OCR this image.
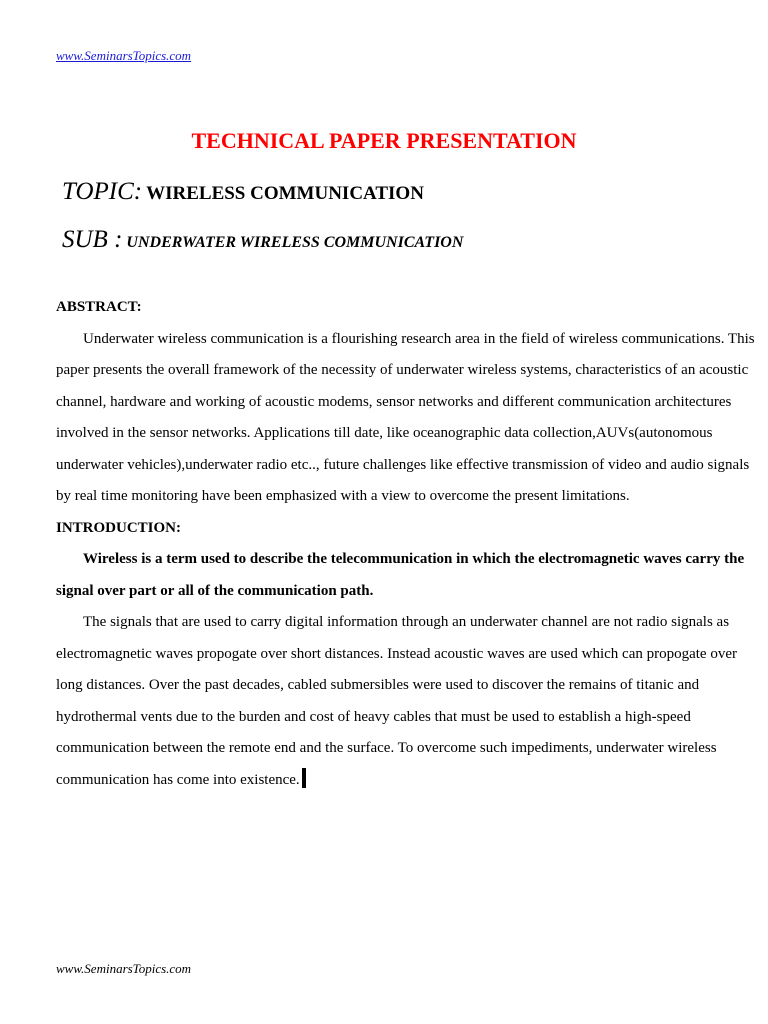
www.SeminarsTopics.com
TECHNICAL PAPER PRESENTATION
TOPIC: WIRELESS COMMUNICATION
SUB : UNDERWATER WIRELESS COMMUNICATION

ABSTRACT:

Underwater wireless communication is a flourishing research area in the field of wireless communications. This paper presents the overall framework of the necessity of underwater wireless systems, characteristics of an acoustic channel, hardware and working of acoustic modems, sensor networks and different communication architectures involved in the sensor networks. Applications till date, like oceanographic data collection,AUVs(autonomous underwater vehicles),underwater radio etc.., future challenges like effective transmission of video and audio signals by real time monitoring have been emphasized with a view to overcome the present limitations.

INTRODUCTION:

Wireless is a term used to describe the telecommunication in which the electromagnetic waves carry the signal over part or all of the communication path.

The signals that are used to carry digital information through an underwater channel are not radio signals as electromagnetic waves propogate over short distances. Instead acoustic waves are used which can propogate over long distances. Over the past decades, cabled submersibles were used to discover the remains of titanic and hydrothermal vents due to the burden and cost of heavy cables that must be used to establish a high-speed communication between the remote end and the surface. To overcome such impediments, underwater wireless communication has come into existence.

www.SeminarsTopics.com
